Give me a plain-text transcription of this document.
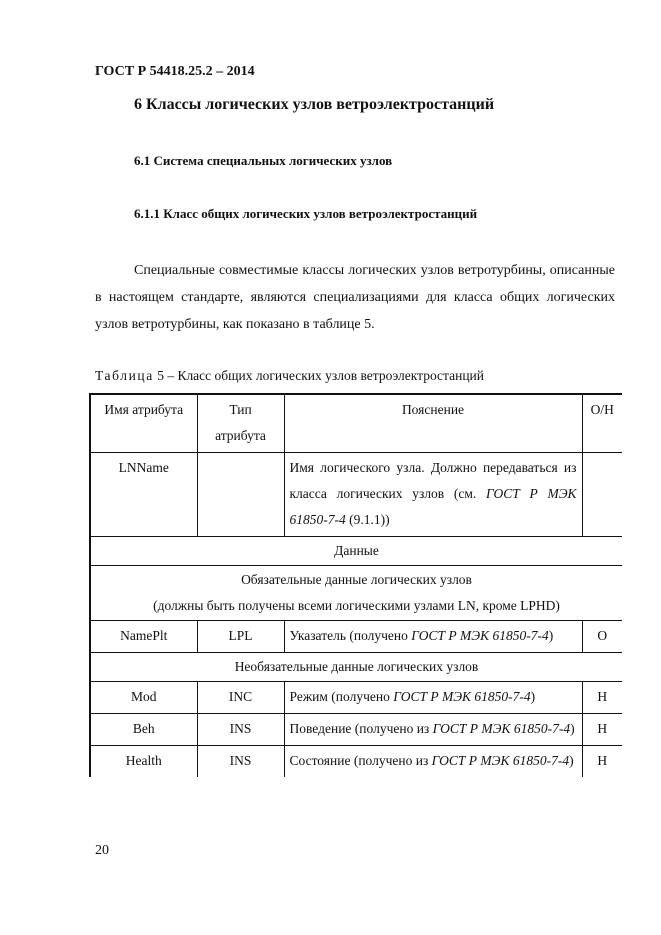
ГОСТ Р 54418.25.2 – 2014
6 Классы логических узлов ветроэлектростанций
6.1 Система специальных логических узлов
6.1.1 Класс общих логических узлов ветроэлектростанций
Специальные совместимые классы логических узлов ветротурбины, описанные в настоящем стандарте, являются специализациями для класса общих логических узлов ветротурбины, как показано в таблице 5.
Таблица 5 – Класс общих логических узлов ветроэлектростанций
Имя атрибута	Тип атрибута	Пояснение	О/Н
LNName		Имя логического узла. Должно передаваться из класса логических узлов (см. ГОСТ Р МЭК 61850-7-4 (9.1.1))	
Данные			

Обязательные данные логических узлов
(должны быть получены всеми логическими узлами LN, кроме LPHD)			

NamePlt	LPL	Указатель (получено ГОСТ Р МЭК 61850-7-4)	О
Необязательные данные логических узлов			
Mod	INC	Режим (получено ГОСТ Р МЭК 61850-7-4)	Н
Beh	INS	Поведение (получено из ГОСТ Р МЭК 61850-7-4)	Н
Health	INS	Состояние (получено из ГОСТ Р МЭК 61850-7-4)	Н
20
